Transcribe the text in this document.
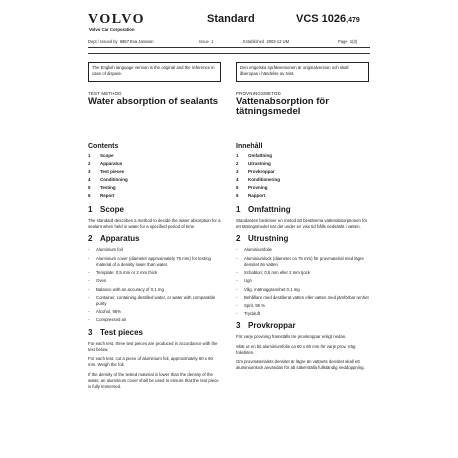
VOLVO
Volvo Car Corporation
Standard	VCS 1026,479
Dept / Issued by 6857 Eva Jansson	Issue 1	Established 2003-12 UM	Page 1(3)
The English language version is the original and the reference in case of dispute.
Den engelska språkversionen är originalversion och skall åberopas i händelse av tvist.
TEST METHOD
Water absorption of sealants
Contents
1	Scope
2	Apparatus
3	Test pieces
4	Conditioning
5	Testing
6	Report
1 Scope
The standard describes a method to decide the water absorption for a sealant when held in water for a specified period of time.
2 Apparatus
-	Aluminium foil
-	Aluminium cover (diameter approximately 75 mm) for testing material of a density lower than water.
-	Template; 0,5 mm or 2 mm thick
-	Oven
-	Balance with an accuracy of 0,1 mg
-	Container, containing destilled water, or water with comparable purity
-	Alcohol, 95%
-	Compressed air
3 Test pieces
For each test, three test pieces are produced in accordance with the text below.
For each test, cut a piece of aluminium foil, approximately 60 x 60 mm. Weigh the foil.
If the density of the tested material is lower than the density of the water, an aluminium cover shall be used to ensure that the test piece is fully immersed.
PROVNINGSMETOD
Vattenabsorption för tätningsmedel
Innehåll
1	Omfattning
2	Utrustning
3	Provkroppar
4	Konditionering
5	Provning
6	Rapport
1 Omfattning
Standarden beskriver en metod att bestämma vattenabsorptionen för ett tätningsmedel när det under en viss tid hålls nedsänkt i vatten.
2 Utrustning
-	Aluminiumfolie
-	Aluminiumlock (diameter ca 75 mm) för provmaterial med lägre densitet än vatten
-	Schablon; 0,5 mm eller 2 mm tjock
-	Ugn
-	Våg, mätnoggrannhet 0,1 mg
-	Behållare med destillerat vatten eller vatten med jämförbar renhet
-	Sprit, 95 %
-	Tryckluft
3 Provkroppar
För varje provning framställs tre provkroppar enligt nedan.
Skär ut en bit aluminiumfolie ca 60 x 60 mm för varje prov. Väg foliebiten.
Om provmaterialets densitet är lägre än vattnets densitet skall ett aluminiumlock användas för att säkerställa fullständig neddoppning.
